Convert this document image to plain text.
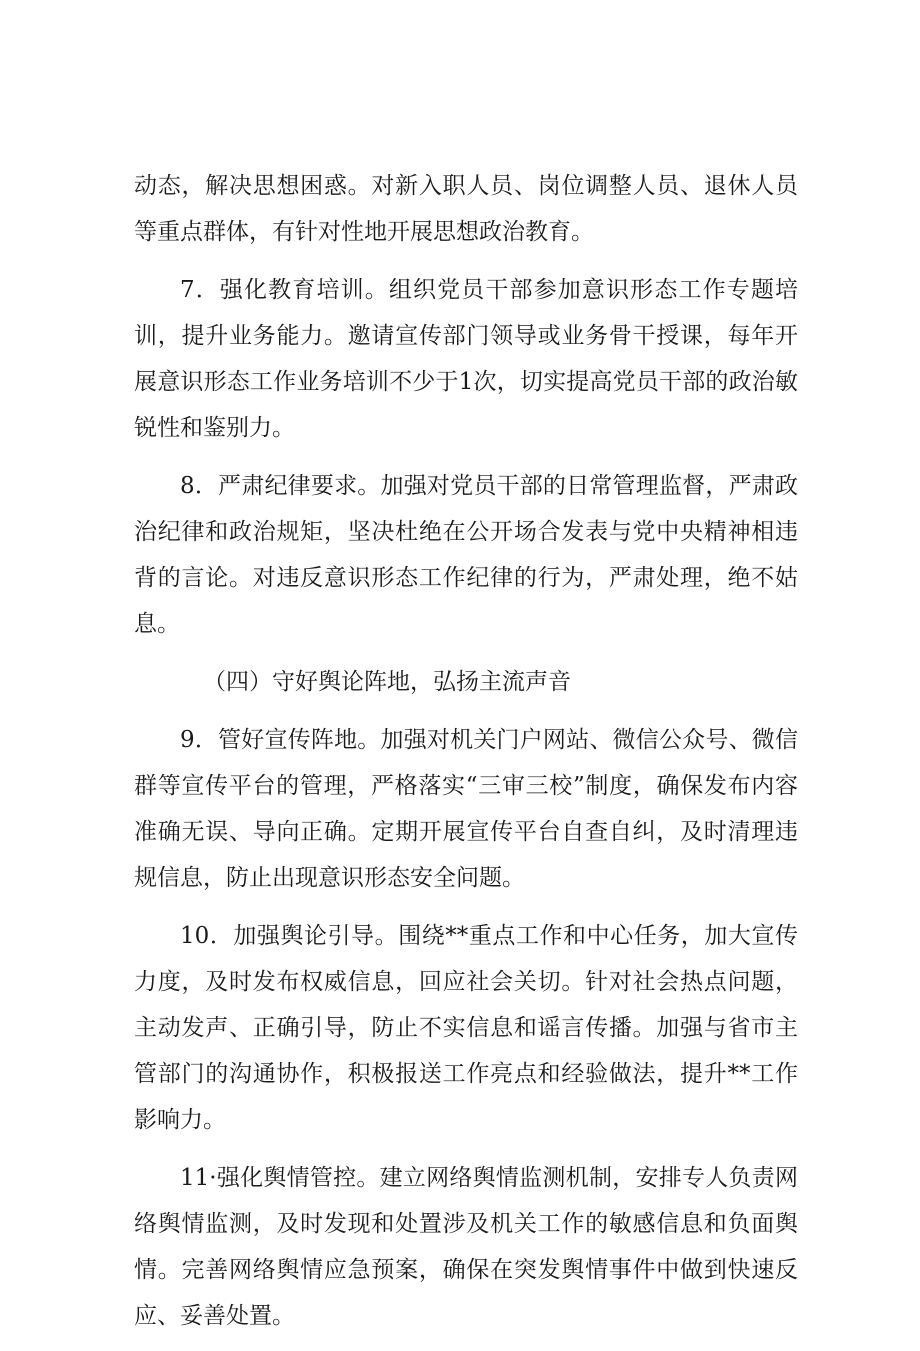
动态，解决思想困惑。对新入职人员、岗位调整人员、退休人员等重点群体，有针对性地开展思想政治教育。

7．强化教育培训。组织党员干部参加意识形态工作专题培训，提升业务能力。邀请宣传部门领导或业务骨干授课，每年开展意识形态工作业务培训不少于1次，切实提高党员干部的政治敏锐性和鉴别力。

8．严肃纪律要求。加强对党员干部的日常管理监督，严肃政治纪律和政治规矩，坚决杜绝在公开场合发表与党中央精神相违背的言论。对违反意识形态工作纪律的行为，严肃处理，绝不姑息。

（四）守好舆论阵地，弘扬主流声音

9．管好宣传阵地。加强对机关门户网站、微信公众号、微信群等宣传平台的管理，严格落实“三审三校”制度，确保发布内容准确无误、导向正确。定期开展宣传平台自查自纠，及时清理违规信息，防止出现意识形态安全问题。

10．加强舆论引导。围绕**重点工作和中心任务，加大宣传力度，及时发布权威信息，回应社会关切。针对社会热点问题，主动发声、正确引导，防止不实信息和谣言传播。加强与省市主管部门的沟通协作，积极报送工作亮点和经验做法，提升**工作影响力。

11·强化舆情管控。建立网络舆情监测机制，安排专人负责网络舆情监测，及时发现和处置涉及机关工作的敏感信息和负面舆情。完善网络舆情应急预案，确保在突发舆情事件中做到快速反应、妥善处置。
